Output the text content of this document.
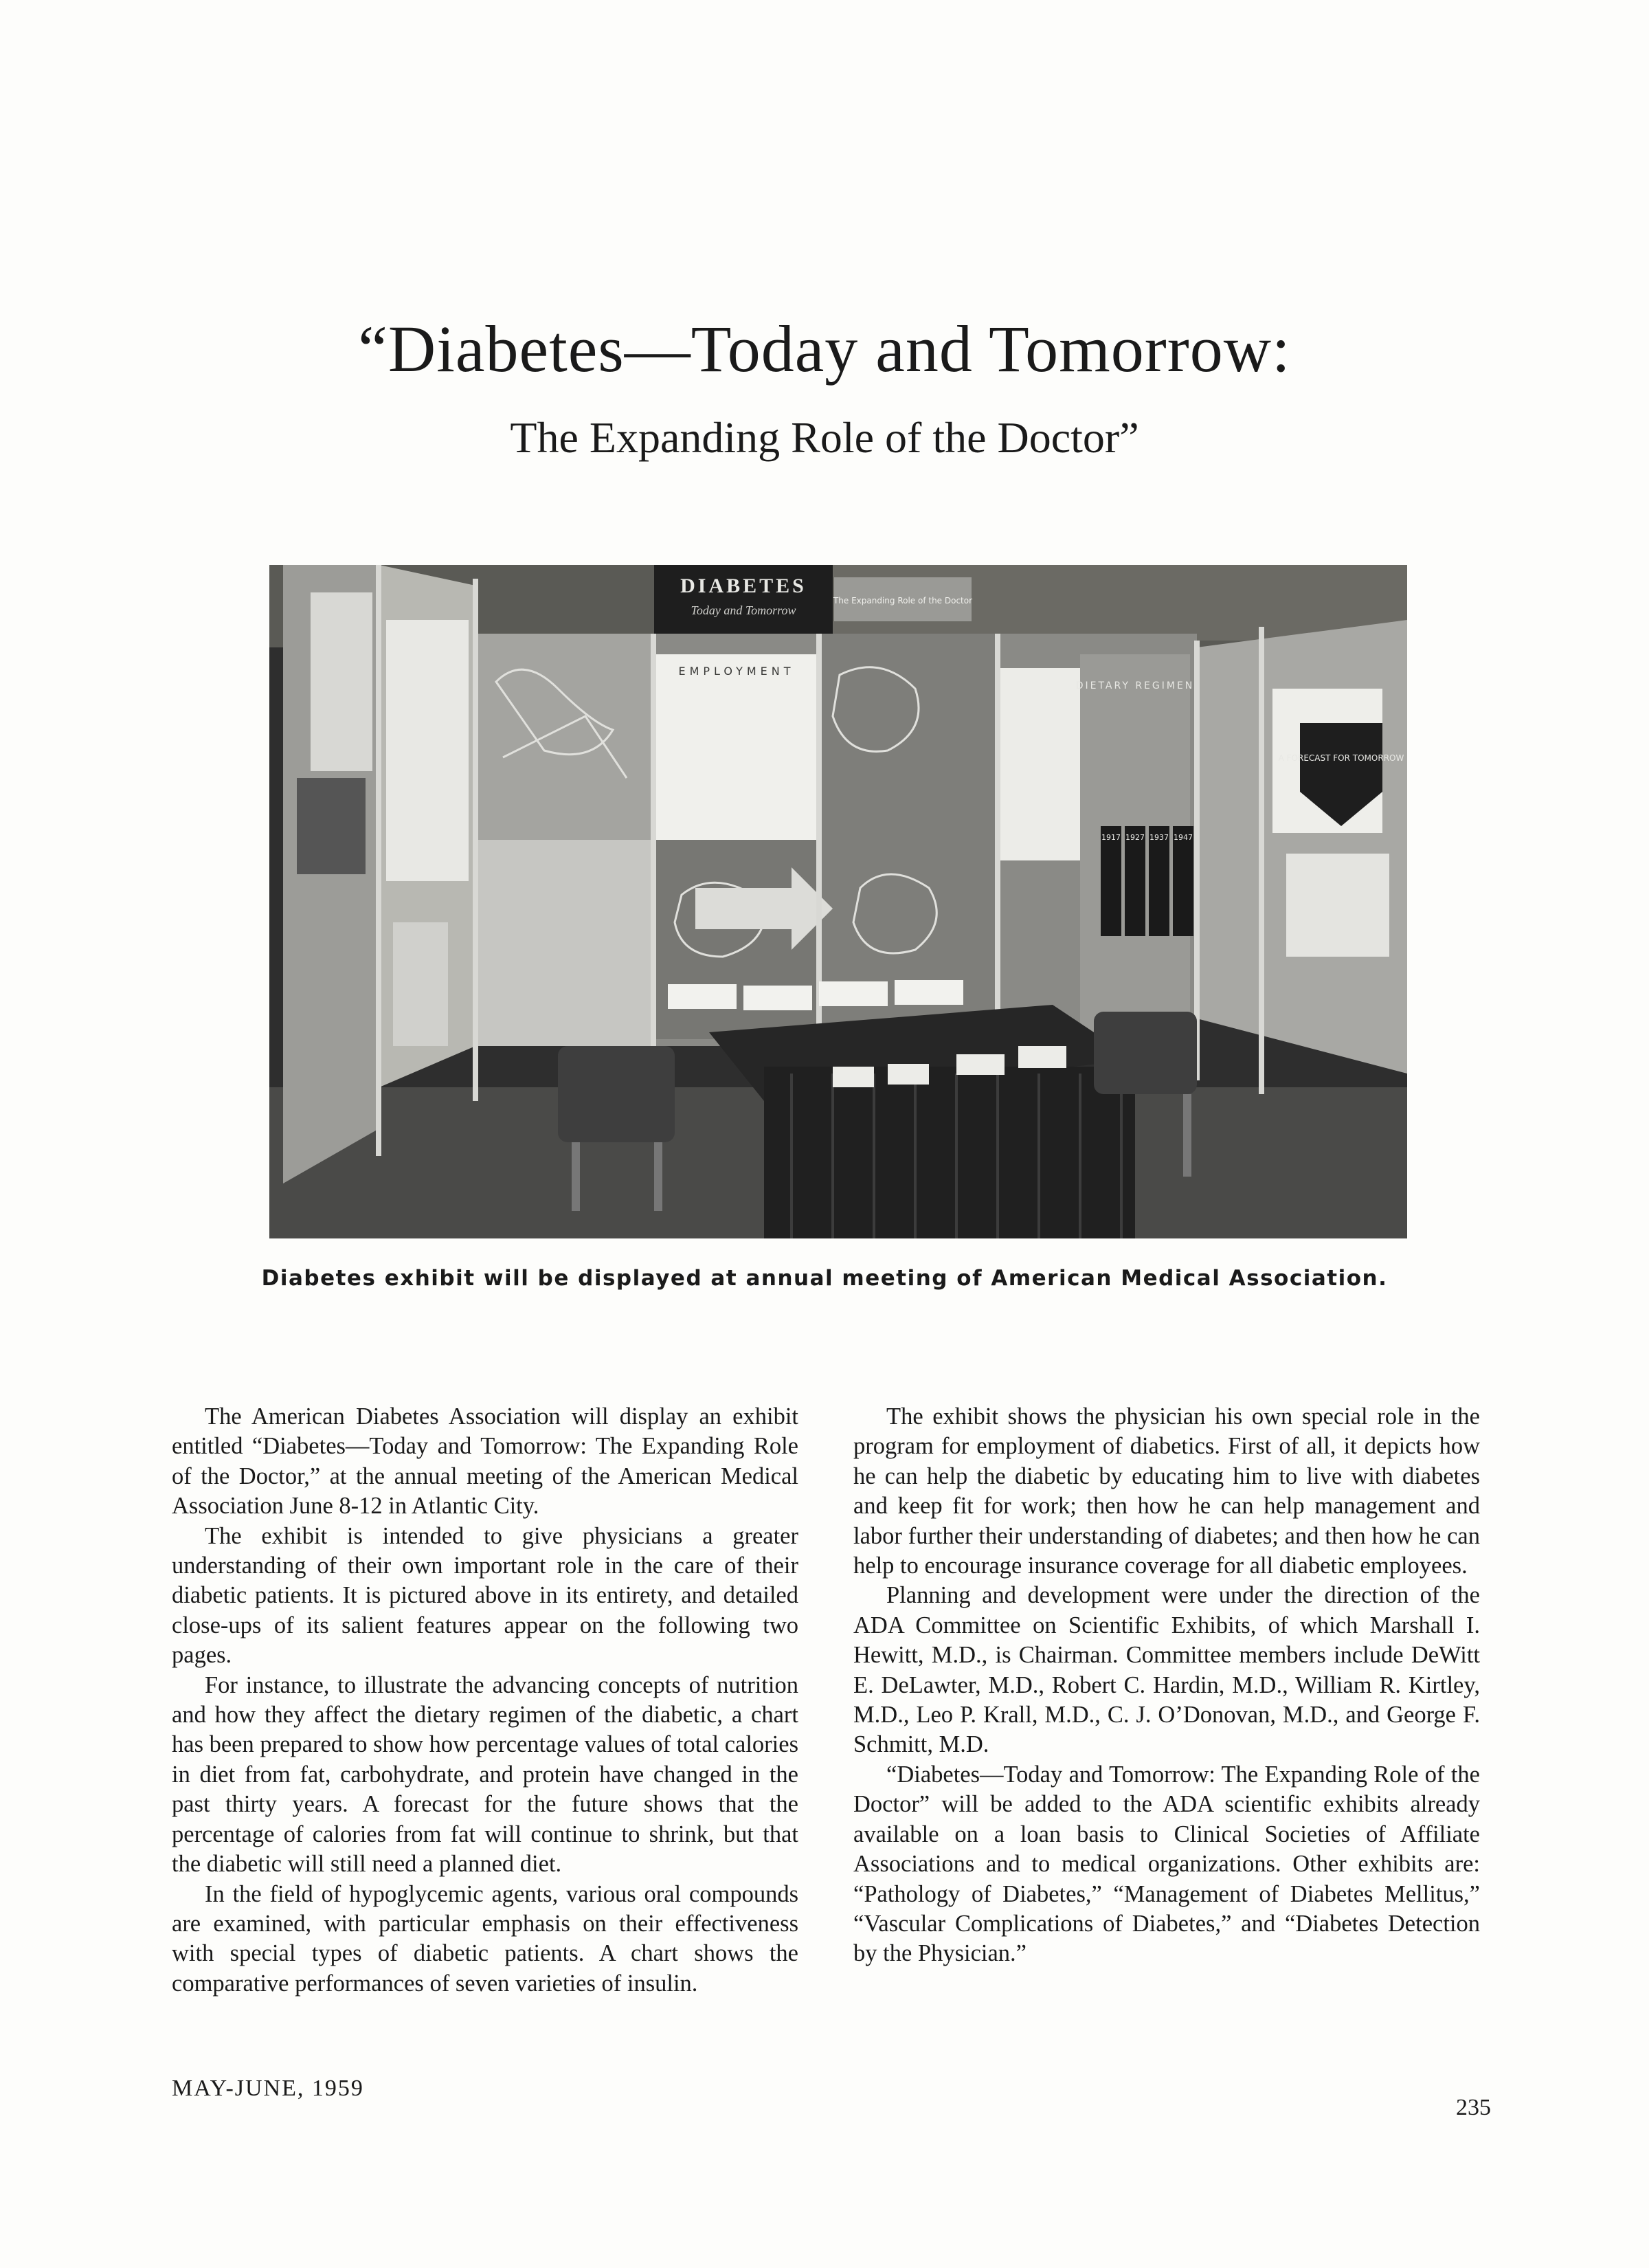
“Diabetes—Today and Tomorrow:
The Expanding Role of the Doctor”
DIABETES
Today and Tomorrow
The Expanding Role of the Doctor
EMPLOYMENT
DIETARY REGIMEN
1917 1927 1937 1947
A FORECAST FOR TOMORROW
Diabetes exhibit will be displayed at annual meeting of American Medical Association.

The American Diabetes Association will display an exhibit entitled “Diabetes—Today and Tomorrow: The Expanding Role of the Doctor,” at the annual meeting of the American Medical Association June 8-12 in Atlantic City.

The exhibit is intended to give physicians a greater understanding of their own important role in the care of their diabetic patients. It is pictured above in its entirety, and detailed close-ups of its salient features appear on the following two pages.

For instance, to illustrate the advancing concepts of nutrition and how they affect the dietary regimen of the diabetic, a chart has been prepared to show how percentage values of total calories in diet from fat, carbohydrate, and protein have changed in the past thirty years. A forecast for the future shows that the percentage of calories from fat will continue to shrink, but that the diabetic will still need a planned diet.

In the field of hypoglycemic agents, various oral compounds are examined, with particular emphasis on their effectiveness with special types of diabetic patients. A chart shows the comparative performances of seven varieties of insulin.

The exhibit shows the physician his own special role in the program for employment of diabetics. First of all, it depicts how he can help the diabetic by educating him to live with diabetes and keep fit for work; then how he can help management and labor further their understanding of diabetes; and then how he can help to encourage insurance coverage for all diabetic employees.

Planning and development were under the direction of the ADA Committee on Scientific Exhibits, of which Marshall I. Hewitt, M.D., is Chairman. Committee members include DeWitt E. DeLawter, M.D., Robert C. Hardin, M.D., William R. Kirtley, M.D., Leo P. Krall, M.D., C. J. O’Donovan, M.D., and George F. Schmitt, M.D.

“Diabetes—Today and Tomorrow: The Expanding Role of the Doctor” will be added to the ADA scientific exhibits already available on a loan basis to Clinical Societies of Affiliate Associations and to medical organizations. Other exhibits are: “Pathology of Diabetes,” “Management of Diabetes Mellitus,” “Vascular Complications of Diabetes,” and “Diabetes Detection by the Physician.”

MAY-JUNE, 1959
235
